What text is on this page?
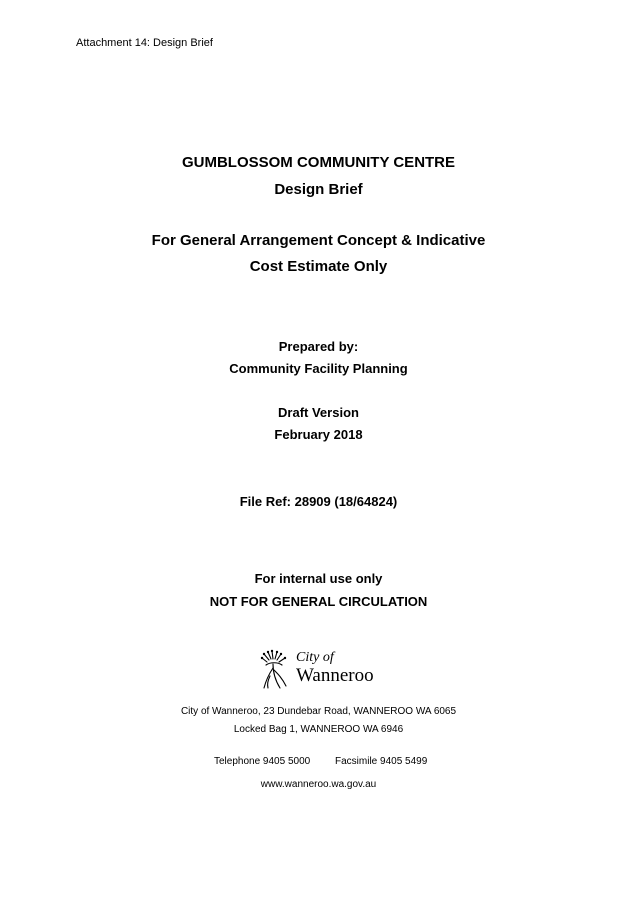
Attachment 14: Design Brief
GUMBLOSSOM COMMUNITY CENTRE
Design Brief
For General Arrangement Concept & Indicative
Cost Estimate Only
Prepared by:
Community Facility Planning
Draft Version
February 2018
File Ref: 28909 (18/64824)
For internal use only
NOT FOR GENERAL CIRCULATION
City of
Wanneroo
City of Wanneroo, 23 Dundebar Road, WANNEROO WA 6065
Locked Bag 1, WANNEROO WA 6946
Telephone 9405 5000 Facsimile 9405 5499
www.wanneroo.wa.gov.au
